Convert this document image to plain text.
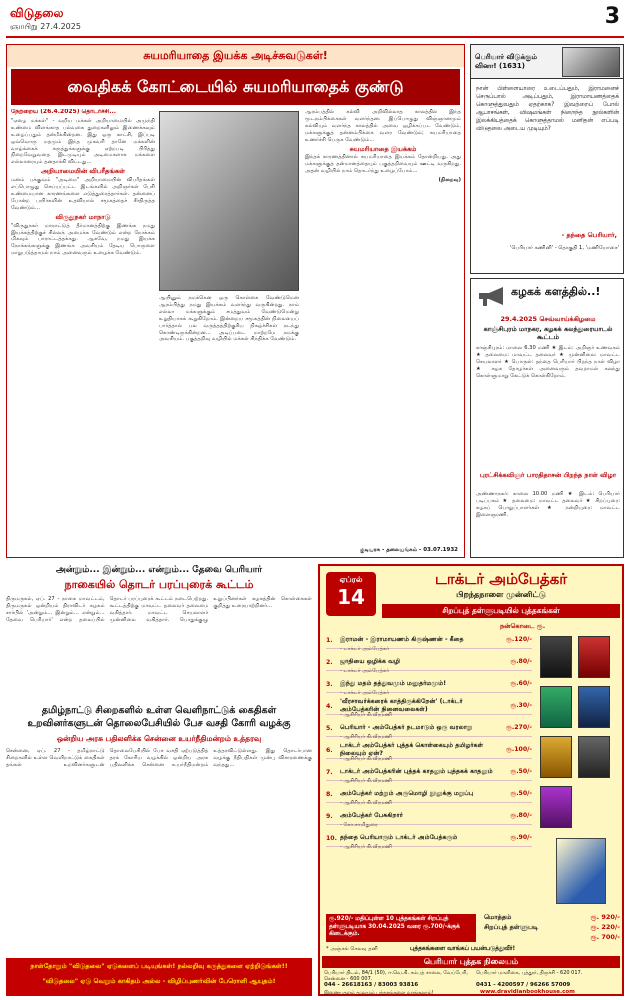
விடுதலை
ஞாயிறு 27.4.2025	3
சுயமரியாதை இயக்க அடிச்சுவடுகள்!
வைதிகக் கோட்டையில் சுயமரியாதைக் குண்டு

நேற்றைய (26.4.2025) தொடர்ச்சி...

"ஏழை மக்கள்" - வறிய மக்கள் அறியாமையில் அமுந்தி உண்மை விளங்காத பல்வகை துறைகளிலும் இணைக்கவும் உழைப்பதும் தன்மீக்கின்றன. இது ஒரு காட்சி, இப்படி ஒவ்வொரு மதமும் இந்த முகவரி தானே மக்களின் வாழ்க்கைக் கருத்துக்களுக்கு ஏற்றபடி பிரித்து நிறைவேறுவதை இடமுடியும் அடிமைகளாக மக்களை எல்லாரையும் தனதாக்கி விட்டது...

அறியாமையின் விபரீதங்கள்

மனம் பக்குவம் "அடிமை" அறியாமையின் விபரீதங்கள் எப்பொழுது செய்யப்பட்ட இடங்களில் அறிஞர்கள் பேசி உண்மையான காரணங்களை எடுத்துரைத்தார்கள். தன்னைப் போன்ற பயிர்களின் உதவியால் சமூகத்தைச் சீர்திருத்த வேண்டும்...

விருதுநகர் மாநாடு

"விருதுநகர் மாநாட்டுத் தீர்மானத்திற்கு இணங்க நமது இயக்கத்திற்குச் சில்லக் அமைக்க வேண்டும் என்ற நோக்கம் மிகவும் பாராட்டத்தக்கது. ஆகவே, நமது இயக்க நோக்கங்களுக்கு இணங்க அவசியம் தேடிய பொருளை மாறுபடுத்தாமல் நாம் அனைவரும் உழைக்க வேண்டும்.

ஆயினும் நமக்கென ஒரு கொள்கை வேண்டுமென ஆரம்பித்து நமது இயக்கம் வளர்ந்து வருகின்றது. நாம் எல்லா மக்களுக்கும் சமத்துவம் வேண்டுமென்று உறுதியாகக் கூறுகிறோம். இன்றைய சமூகத்தின் நிலையைப் பார்த்தால் பல வருத்தத்திற்குரிய நிகழ்ச்சிகள் நடந்து கொண்டிருக்கின்றன... அடிப்படை மாற்றமே நமக்கு அவசியம். பகுத்தறிவு வழியில் மக்கள் சிந்திக்க வேண்டும்.

ஆரம்பத்தில் கல்வி அறிவில்லாத காலத்தில் இந்த மூடநம்பிக்கைகள் வளர்ந்தன. இப்பொழுது விஞ்ஞானமும் கல்வியும் வளர்ந்த காலத்தில் அவை ஒழிக்கப்பட வேண்டும். மக்களுக்குத் தன்னம்பிக்கை வளர வேண்டும்; சுயமரியாதை உணர்ச்சி பெருக வேண்டும்...

சுயமரியாதை இயக்கம்

இந்தக் காரணத்தினால் சுயமரியாதை இயக்கம் தோன்றியது. அது மக்களுக்குத் தன்மானத்தையும் பகுத்தறிவையும் ஊட்டி வருகிறது. அதன் வழியில் நாம் தொடர்ந்து உழைப்போம்...

(நிறைவு)

குடியரசு - தலையங்கம் - 03.07.1932
பெரியார் விடுக்கும் வினா! (1631)
நான் பிள்ளையாரை உடைப்பதும், இராமனைச் செருப்பால் அடிப்பதும், இராமாயணத்தைக் கொளுத்துவதும் ஏதற்காக? இவற்றைப் போல் ஆபாசங்கள், விஷமங்கள் நிறைந்த நூல்களின் இலக்கியத்தைக் கொளுத்தாமல் மனிதன் எப்படி விடுதலை அடைய முடியும்?
- தந்தை பெரியார்,
'பெரியார் கணினி' - தொகுதி 1, 'மணியோசை'
கழகக் களத்தில்..!
29.4.2025 செவ்வாய்க்கிழமை
காஞ்சிபுரம் மாநகர, கழகக் கலந்துரையாடல் கூட்டம்
காஞ்சிபுரம்: மாலை 6.30 மணி ★ இடம்: அறிஞர் உணவகம் ★ தலைமை: மாவட்ட தலைவர் ★ முன்னிலை: மாவட்ட செயலாளர் ★ பொருள்: தந்தை பெரியார் பிறந்த நாள் விழா ★ கழக தோழர்கள் அனைவரும் தவறாமல் கலந்து கொள்ளுமாறு கேட்டுக் கொள்கிறோம்.
புரட்சிக்கவிஞர் பாரதிதாசன் பிறந்த நாள் விழா
அண்ணாநகர்: காலை 10.00 மணி ★ இடம்: பெரியார் படிப்பகம் ★ தலைமை: மாவட்ட தலைவர் ★ சிறப்புரை: கழகப் பொறுப்பாளர்கள் ★ நன்றியுரை: மாவட்ட இளைஞரணி.
அன்றும்... இன்றும்... என்றும்... தேவை பெரியார்
நாகையில் தொடர் பரப்புரைக் கூட்டம்
திருமருகல், ஏப். 27 - நாகை மாவட்டம், திருமருகல் ஒன்றியம் திராவிடர் கழகம் சார்பில் 'அன்றும்... இன்றும்... என்றும்... தேவை பெரியார்' என்ற தலைப்பில் தொடர் பரப்புரைக் கூட்டம் நடைபெற்றது. கூட்டத்திற்கு மாவட்ட தலைவர் தலைமை வகித்தார். மாவட்ட செயலாளர் முன்னிலை வகித்தார். பொதுக்குழு உறுப்பினர்கள் கழகத்தின் கொள்கைகள் குறித்து உரையாற்றினர்...
தமிழ்நாட்டு சிறைகளில் உள்ள வெளிநாட்டுக் கைதிகள் உறவினர்களுடன் தொலைபேசியில் பேச வசதி கோரி வழக்கு
ஒன்றிய அரசு பதிலளிக்க சென்னை உயர்நீதிமன்றம் உத்தரவு
சென்னை, ஏப். 27 - தமிழ்நாட்டு சிறைகளில் உள்ள வெளிநாட்டுக் கைதிகள் தங்கள் உறவினர்களுடன் தொலைபேசியில் பேச வசதி ஏற்படுத்தித் தரக் கோரிய வழக்கில் ஒன்றிய அரசு பதிலளிக்க சென்னை உயர்நீதிமன்றம் உத்தரவிட்டுள்ளது. இது தொடர்பான வழக்கு நீதிபதிகள் முன்பு விசாரணைக்கு வந்தது...
நாள்தோறும் "விடுதலை" ஏடுகளைப் படியுங்கள்! நல்லறிவு கருத்துகளை ஏற்றிடுங்கள்!!
"விடுதலை" ஏடு வெறும் காகிதம் அல்ல - விழிப்புணர்வின் பேரொளி ஆயுதம்!
ஏப்ரல்
14
டாக்டர் அம்பேத்கர்
பிறந்தநாளை முன்னிட்டு
சிறப்புத் தள்ளுபடியில் புத்தகங்கள்
நன்கொடை ரூ.
1.	இராமன் - இராமாயணம் கிருஷ்ணன் - கீதை	ரூ.120/-
- டாக்டர் அம்பேத்கர்
2.	ஜாதியை ஒழிக்க வழி	ரூ.80/-
- டாக்டர் அம்பேத்கர்
3.	இந்து மதம் தத்துவமும் மனுதர்மமும்!	ரூ.60/-
- டாக்டர் அம்பேத்கர்
4.
'வீரசாவர்க்கரைக் காத்திருக்கிறேன்' (டாக்டர் அம்பேத்கரின் நினைவலைகள்)
ரூ.30/-
- ஆசிரியர் கி.வீரமணி
5.	பெரியார் - அம்பேத்கர் நடமாடும் ஒரு வரலாறு	ரூ.270/-
- ஆசிரியர் கி.வீரமணி
6.
டாக்டர் அம்பேத்கர் புத்தக் கொள்கையும் தமிழர்கள் நிலையும் ஏன்?
ரூ.100/-
- ஆசிரியர் கி.வீரமணி
7.	டாக்டர் அம்பேத்கரின் புத்தக் காதலும் புத்தகக் காதலும்	ரூ.50/-
- ஆசிரியர் கி.வீரமணி
8.	அம்பேத்கர் மற்றும் அருமொழி நூலுக்கு மறுப்பு	ரூ.50/-
- ஆசிரியர் கி.வீரமணி
9.	அம்பேத்கர் பேசுகிறார்	ரூ.80/-
- கோ.சாமிதுரை
10. தந்தை பெரியாரும் டாக்டர் அம்பேத்கரும்	ரூ.90/-
- ஆசிரியர் கி.வீரமணி
ரூ.920/- மதிப்புள்ள 10 புத்தகங்கள் சிறப்புத் தள்ளுபடியாக 30.04.2025 வரை ரூ.700/-க்குக் கிடைக்கும்.
மொத்தம்	ரூ. 920/-
சிறப்புத் தள்ளுபடி	ரூ. 220/-
ரூ. 700/-
* அஞ்சல் செலவு தனி	புத்தகங்களை வாங்கப் பயன்படுத்துவீர்!
பெரியார் புத்தக நிலையம்
பெரியார் திடல், 84/1 (50), ஈ.வெ.கி. சம்பத் சாலை, வேப்பேரி, சென்னை - 600 007.
044 - 26618163 / 83003 93816
பெரியார் மாளிகை, புத்தூர், திருச்சி - 620 017.
0431 - 4200597 / 96266 57009
இணையதளம் மூலமும் புத்தகங்களை வாங்கலாம்!	www.dravidianbookhouse.com
